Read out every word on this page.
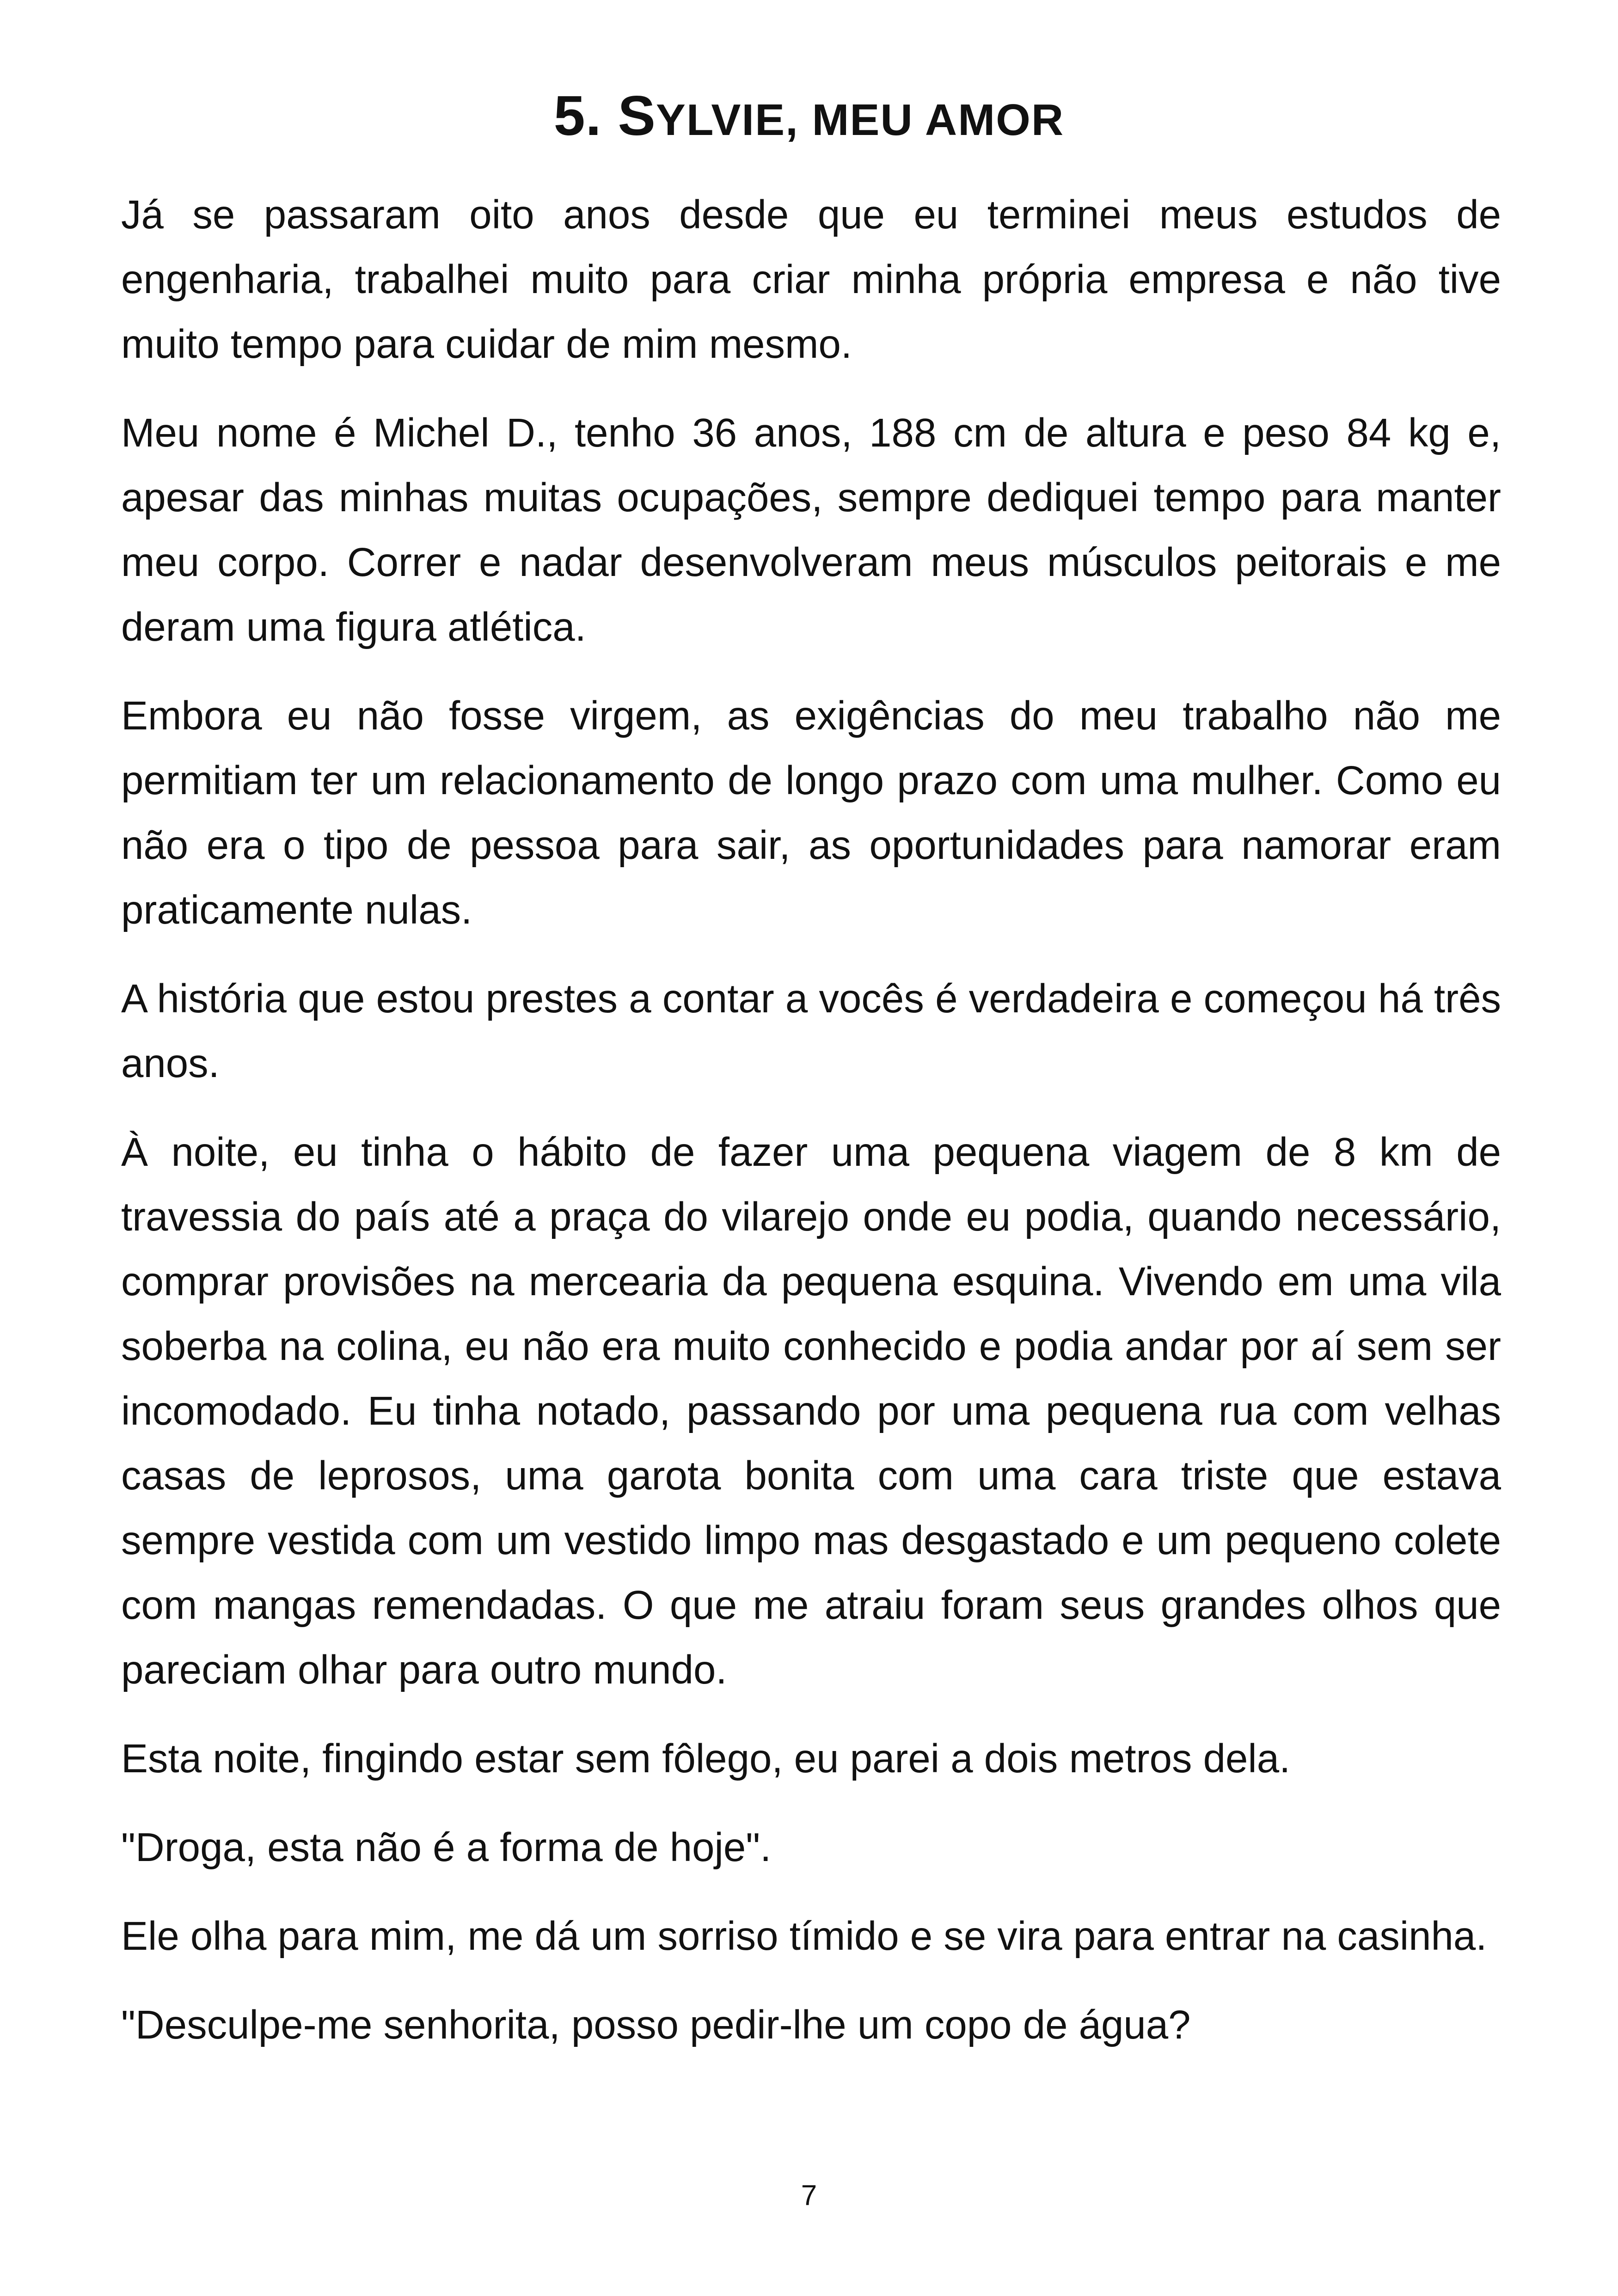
5. SYLVIE, MEU AMOR

Já se passaram oito anos desde que eu terminei meus estudos de engenharia, trabalhei muito para criar minha própria empresa e não tive muito tempo para cuidar de mim mesmo.

Meu nome é Michel D., tenho 36 anos, 188 cm de altura e peso 84 kg e, apesar das minhas muitas ocupações, sempre dediquei tempo para manter meu corpo. Correr e nadar desenvolveram meus músculos peitorais e me deram uma figura atlética.

Embora eu não fosse virgem, as exigências do meu trabalho não me permitiam ter um relacionamento de longo prazo com uma mulher. Como eu não era o tipo de pessoa para sair, as oportunidades para namorar eram praticamente nulas.

A história que estou prestes a contar a vocês é verdadeira e começou há três anos.

À noite, eu tinha o hábito de fazer uma pequena viagem de 8 km de travessia do país até a praça do vilarejo onde eu podia, quando necessário, comprar provisões na mercearia da pequena esquina. Vivendo em uma vila soberba na colina, eu não era muito conhecido e podia andar por aí sem ser incomodado. Eu tinha notado, passando por uma pequena rua com velhas casas de leprosos, uma garota bonita com uma cara triste que estava sempre vestida com um vestido limpo mas desgastado e um pequeno colete com mangas remendadas. O que me atraiu foram seus grandes olhos que pareciam olhar para outro mundo.

Esta noite, fingindo estar sem fôlego, eu parei a dois metros dela.

"Droga, esta não é a forma de hoje".

Ele olha para mim, me dá um sorriso tímido e se vira para entrar na casinha.

"Desculpe-me senhorita, posso pedir-lhe um copo de água?

7
